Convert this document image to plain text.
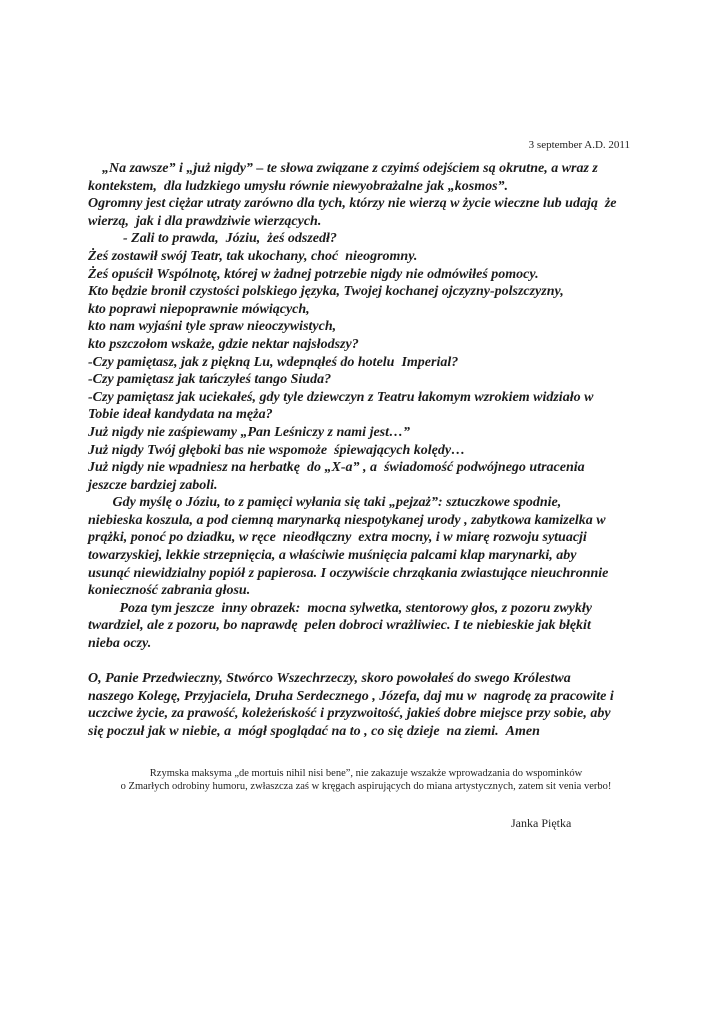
3 september A.D. 2011
„Na zawsze” i „już nigdy” – te słowa związane z czyimś odejściem są okrutne, a wraz z
kontekstem,  dla ludzkiego umysłu równie niewyobrażalne jak „kosmos”.
Ogromny jest ciężar utraty zarówno dla tych, którzy nie wierzą w życie wieczne lub udają  że
wierzą,  jak i dla prawdziwie wierzących.
- Zali to prawda,  Józiu,  żeś odszedł?
Żeś zostawił swój Teatr, tak ukochany, choć  nieogromny.
Żeś opuścił Wspólnotę, której w żadnej potrzebie nigdy nie odmówiłeś pomocy.
Kto będzie bronił czystości polskiego języka, Twojej kochanej ojczyzny-polszczyzny,
kto poprawi niepoprawnie mówiących,
kto nam wyjaśni tyle spraw nieoczywistych,
kto pszczołom wskaże, gdzie nektar najsłodszy?
-Czy pamiętasz, jak z piękną Lu, wdepnąłeś do hotelu  Imperial?
-Czy pamiętasz jak tańczyłeś tango Siuda?
-Czy pamiętasz jak uciekałeś, gdy tyle dziewczyn z Teatru łakomym wzrokiem widziało w
Tobie ideał kandydata na męża?
Już nigdy nie zaśpiewamy „Pan Leśniczy z nami jest…”
Już nigdy Twój głęboki bas nie wspomoże  śpiewających kolędy…
Już nigdy nie wpadniesz na herbatkę  do „X-a” , a  świadomość podwójnego utracenia
jeszcze bardziej zaboli.
Gdy myślę o Józiu, to z pamięci wyłania się taki „pejzaż”: sztuczkowe spodnie,
niebieska koszula, a pod ciemną marynarką niespotykanej urody , zabytkowa kamizelka w
prążki, ponoć po dziadku, w ręce  nieodłączny  extra mocny, i w miarę rozwoju sytuacji
towarzyskiej, lekkie strzepnięcia, a właściwie muśnięcia palcami klap marynarki, aby
usunąć niewidzialny popiół z papierosa. I oczywiście chrząkania zwiastujące nieuchronnie
konieczność zabrania głosu.
Poza tym jeszcze  inny obrazek:  mocna sylwetka, stentorowy głos, z pozoru zwykły
twardziel, ale z pozoru, bo naprawdę  pelen dobroci wrażliwiec. I te niebieskie jak błękit
nieba oczy.
O, Panie Przedwieczny, Stwórco Wszechrzeczy, skoro powołałeś do swego Królestwa
naszego Kolegę, Przyjaciela, Druha Serdecznego , Józefa, daj mu w  nagrodę za pracowite i
uczciwe życie, za prawość, koleżeńskość i przyzwoitość, jakieś dobre miejsce przy sobie, aby
się poczuł jak w niebie, a  mógł spoglądać na to , co się dzieje  na ziemi.  Amen
Rzymska maksyma „de mortuis nihil nisi bene”, nie zakazuje wszakże wprowadzania do wspominków
o Zmarłych odrobiny humoru, zwłaszcza zaś w kręgach aspirujących do miana artystycznych, zatem sit venia verbo!
Janka Piętka
